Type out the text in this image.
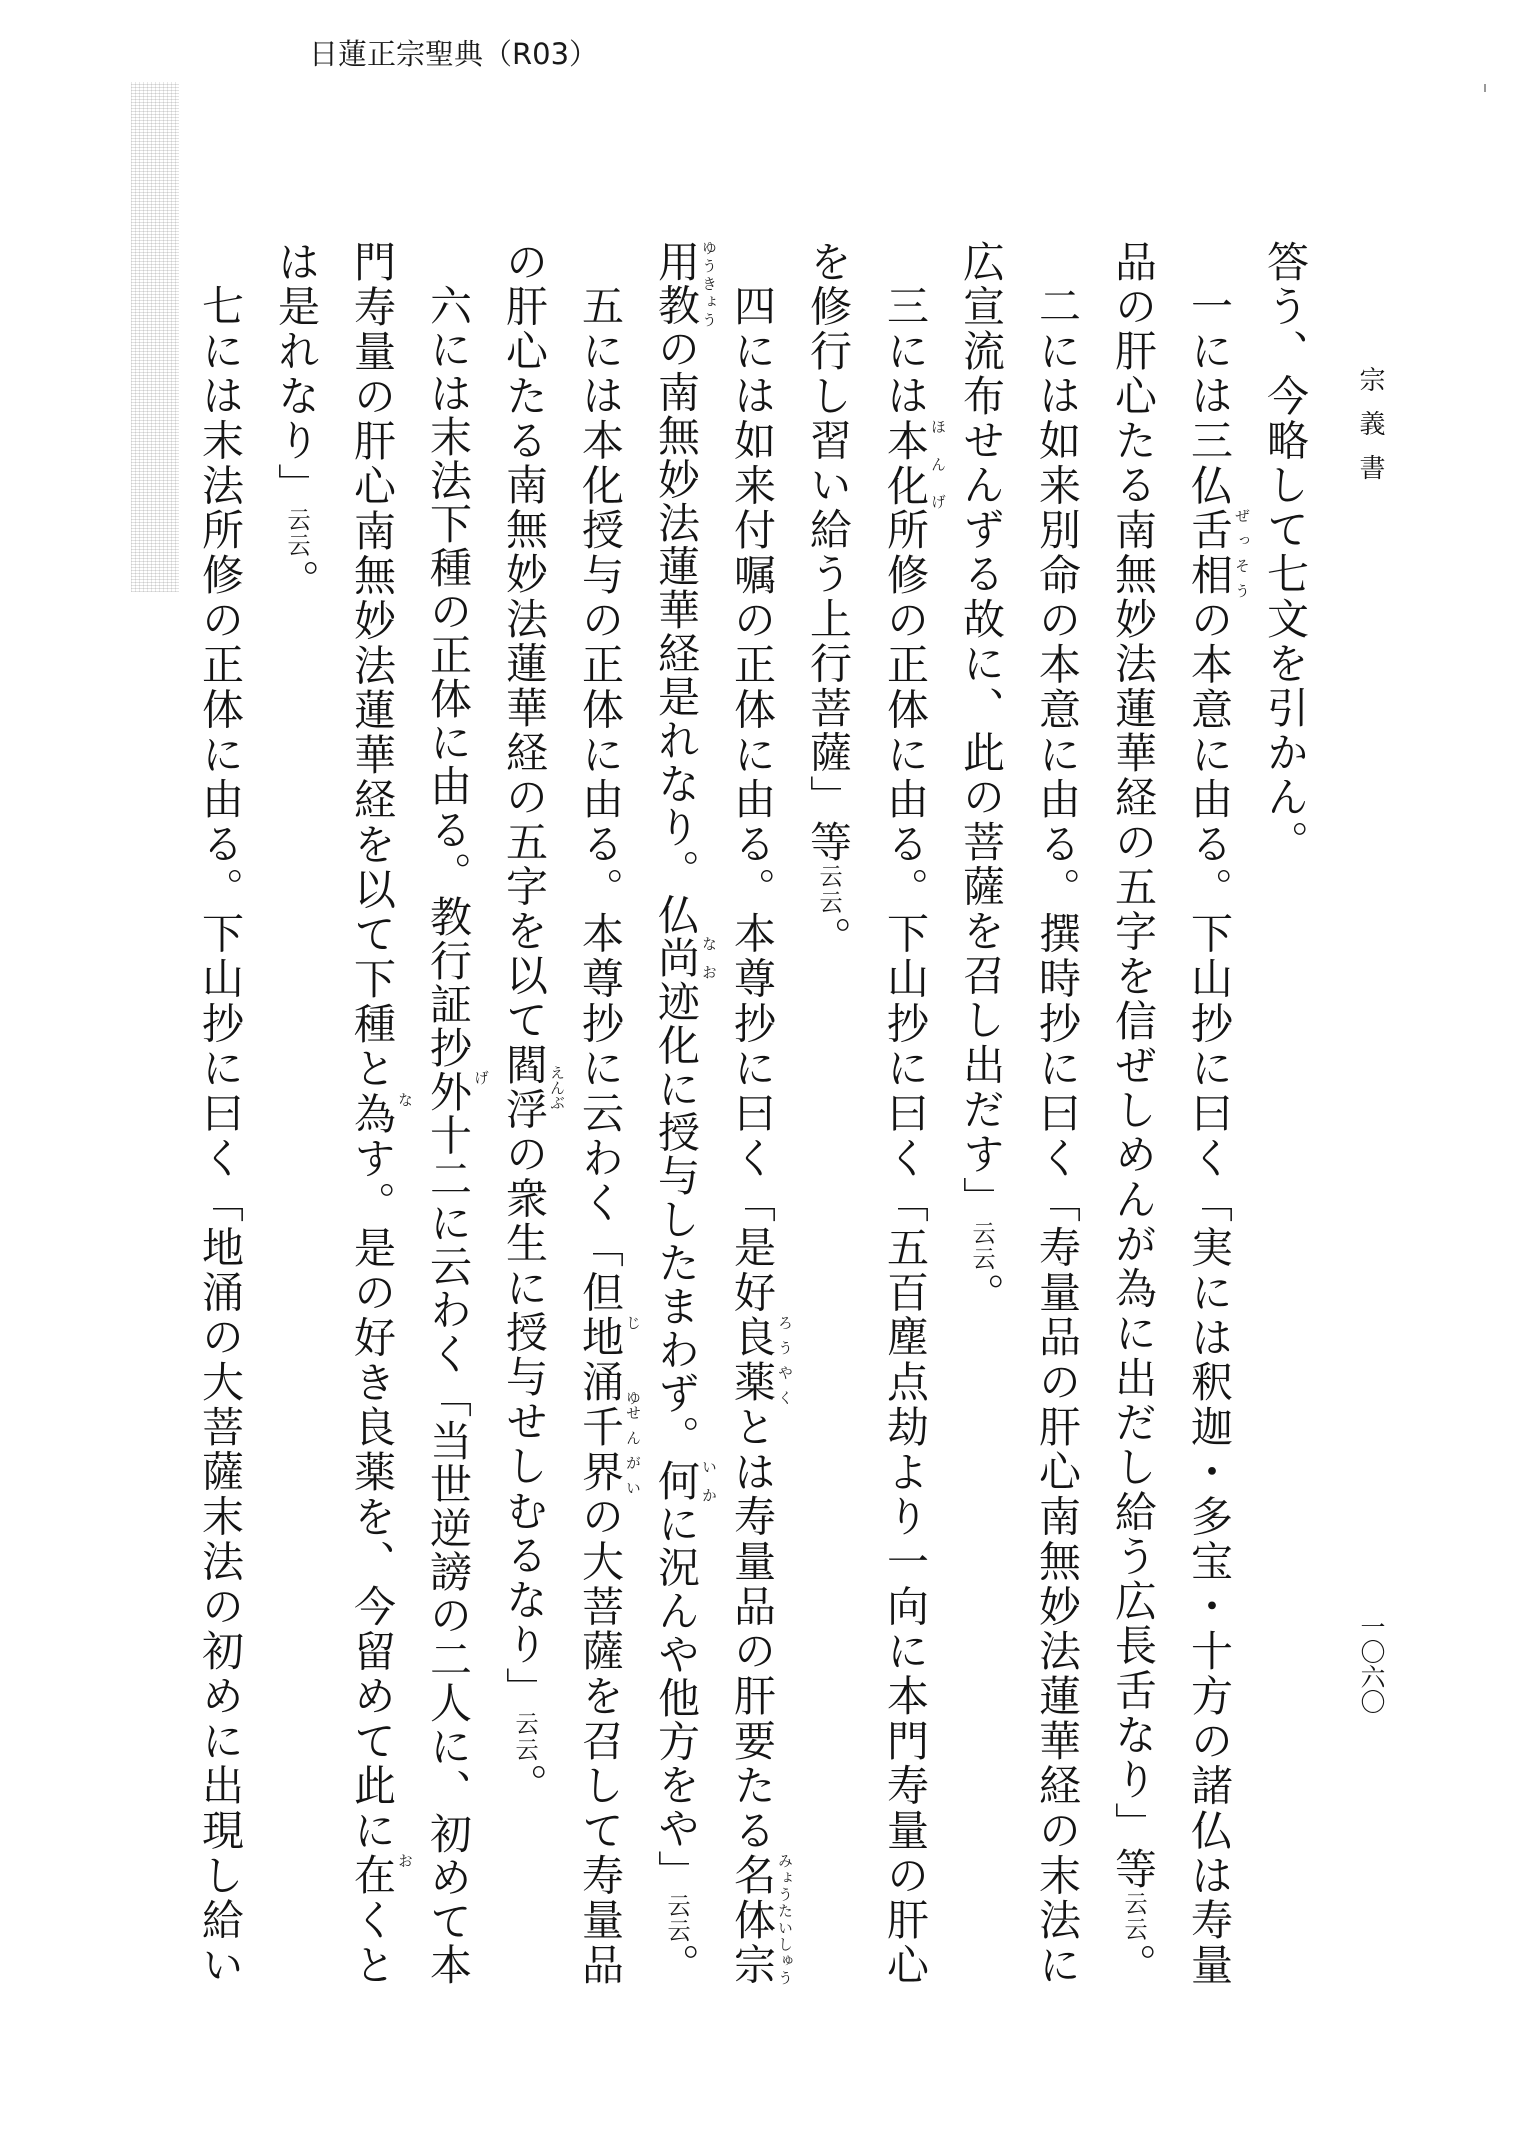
日蓮正宗聖典（R03）
宗義書
一〇六〇
答う、今略して七文を引かん。
一には三仏舌相 ぜっそう
の本意に由る。下山抄に曰く「実には釈迦・多宝・十方の諸仏は寿量
品の肝心たる南無妙法蓮華経の五字を信ぜしめんが為に出だし給う広長舌なり」等云云。
二には如来別命の本意に由る。撰時抄に曰く「寿量品の肝心南無妙法蓮華経の末法に
広宣流布せんずる故に、此の菩薩を召し出だす」云云。
三には本化 ほんげ
所修の正体に由る。下山抄に曰く「五百塵点劫より一向に本門寿量の肝心
を修行し習い給う上行菩薩」等云云。
四には如来付嘱の正体に由る。本尊抄に曰く「是好良薬 ろうやく
とは寿量品の肝要たる名体宗 みょうたいしゅう
用教 ゆうきょう
の南無妙法蓮華経是れなり。仏尚 なお
迹化に授与したまわず。何 いか
に況んや他方をや」云云。
五には本化授与の正体に由る。本尊抄に云わく「但地涌 じゆ
千界 せんがい
の大菩薩を召して寿量品
の肝心たる南無妙法蓮華経の五字を以て閻浮 えんぶ
の衆生に授与せしむるなり」云云。
六には末法下種の正体に由る。教行証抄外 げ
十二に云わく「当世逆謗の二人に、初めて本
門寿量の肝心南無妙法蓮華経を以て下種と為 な
す。是の好き良薬を、今留めて此に在 お
くと
は是れなり」云云。
七には末法所修の正体に由る。下山抄に曰く「地涌の大菩薩末法の初めに出現し給い
